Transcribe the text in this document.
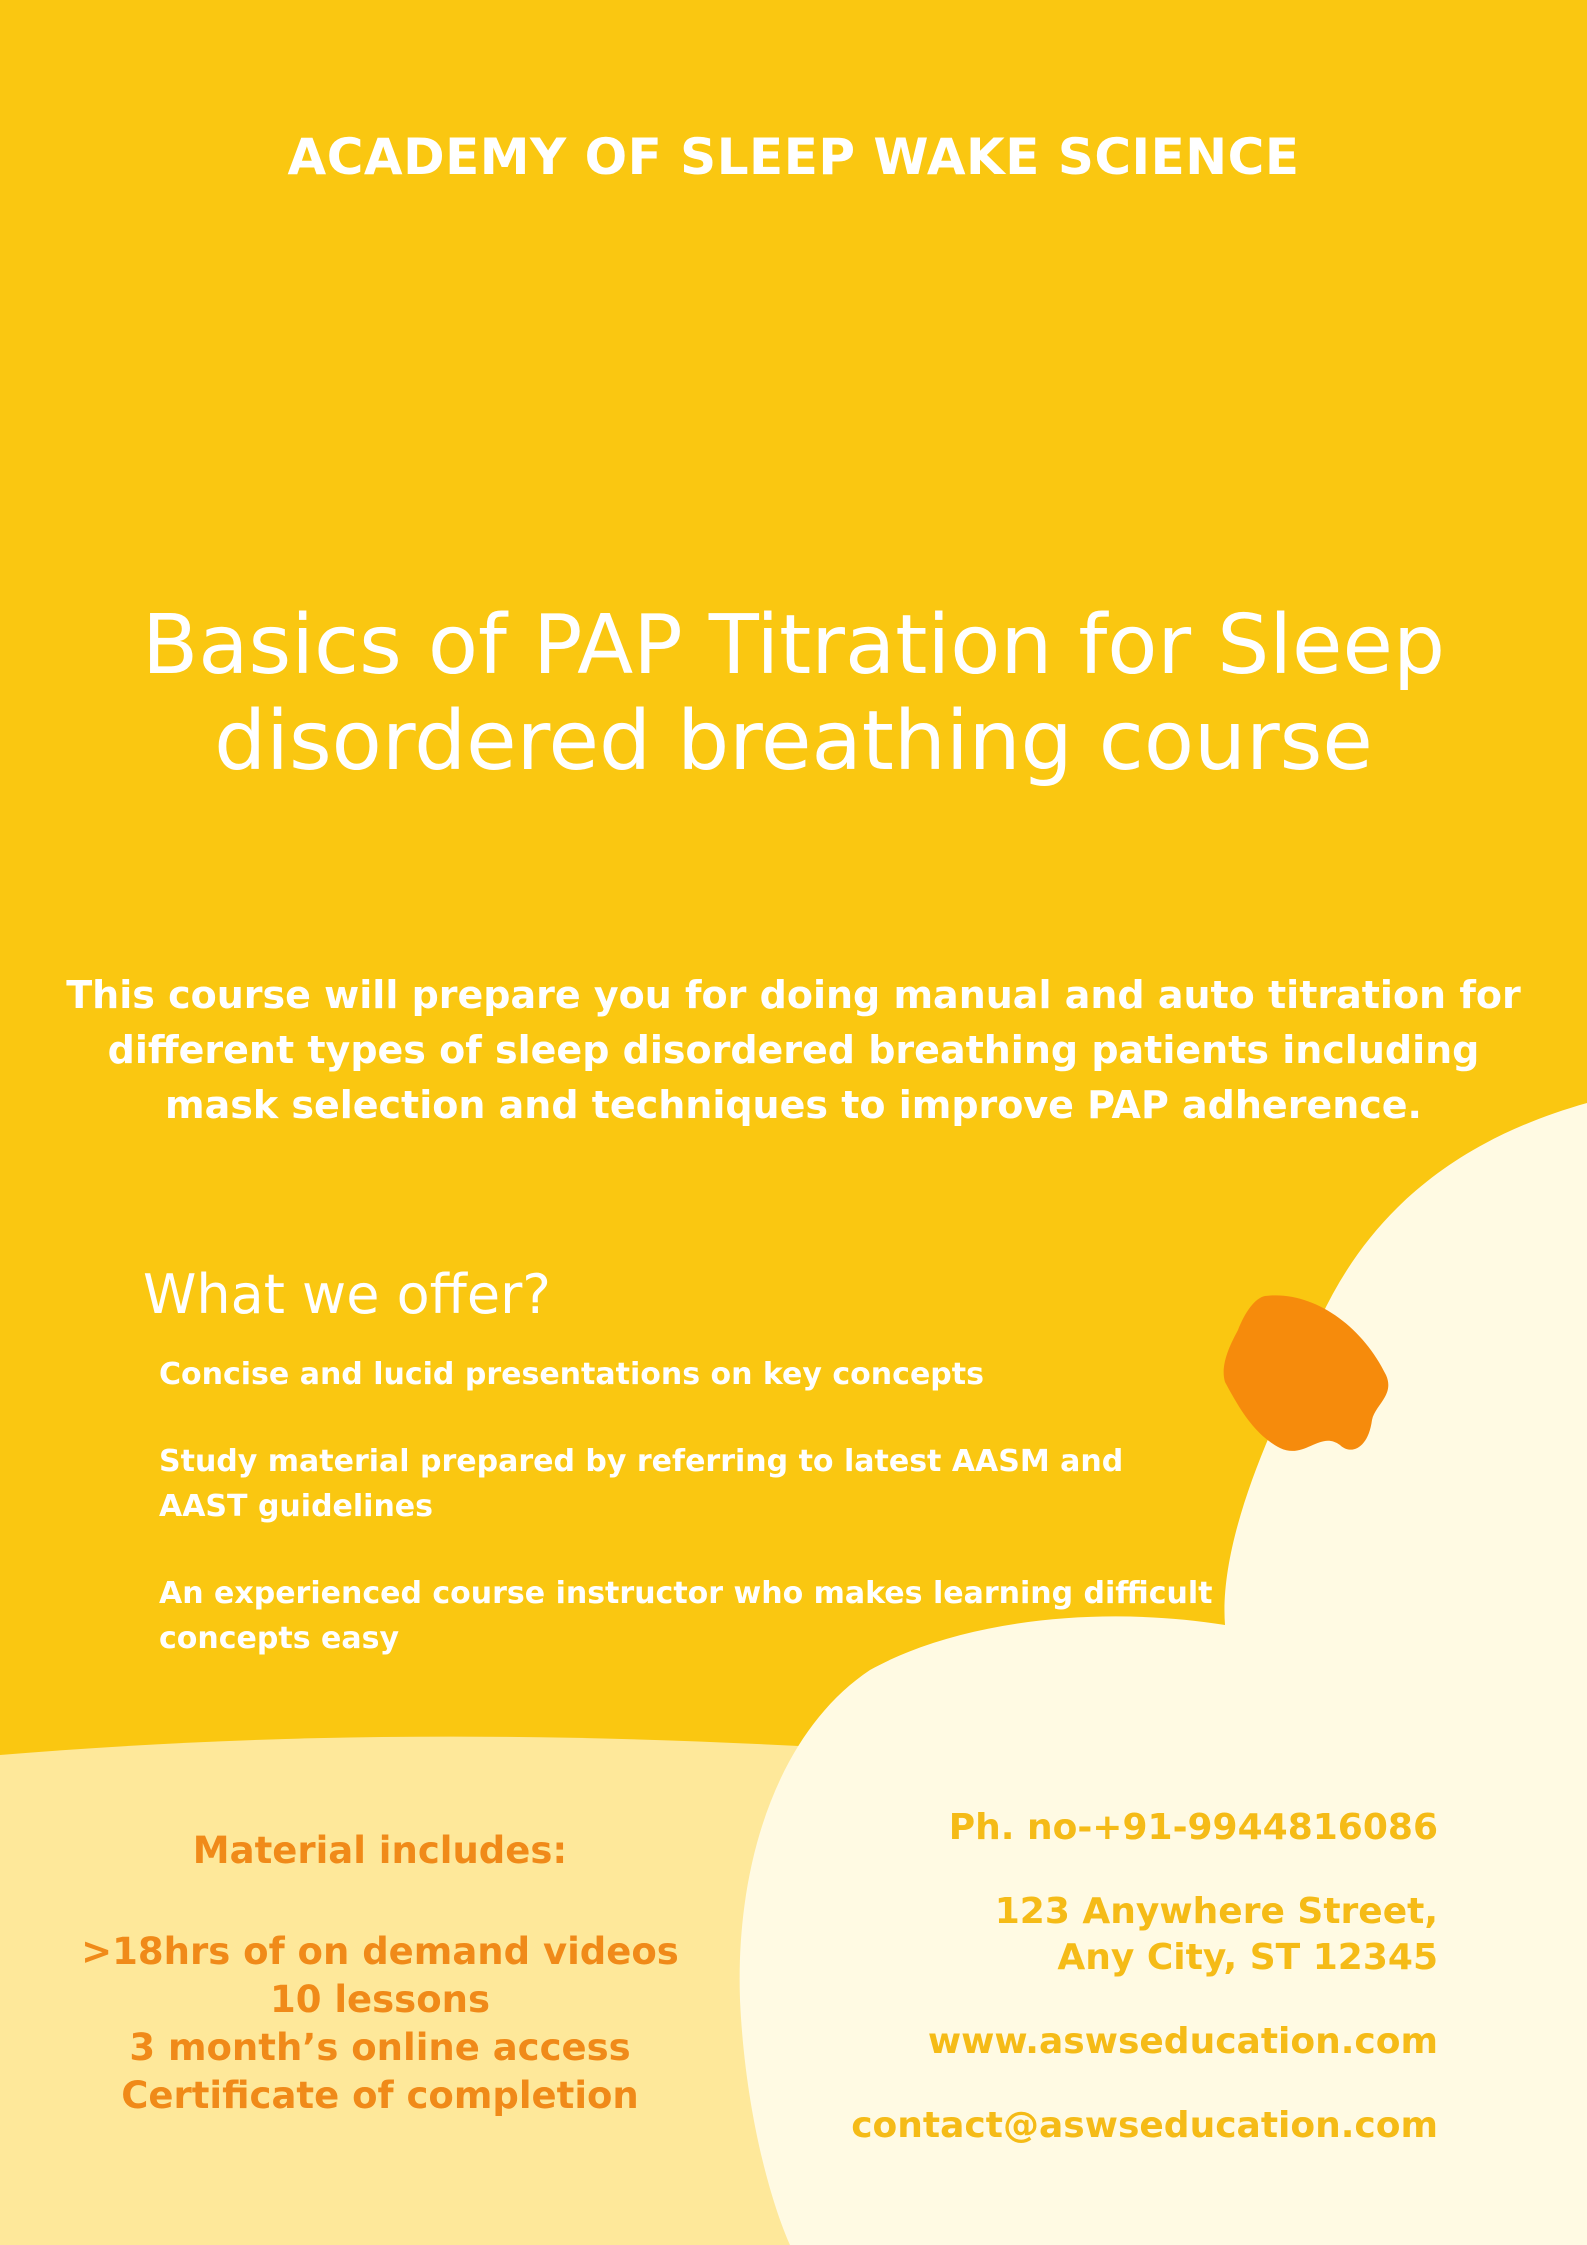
ACADEMY OF SLEEP WAKE SCIENCE
Basics of PAP Titration for Sleep disordered breathing course

This course will prepare you for doing manual and auto titration for different types of sleep disordered breathing patients including mask selection and techniques to improve PAP adherence.

What we offer?
Concise and lucid presentations on key concepts
Study material prepared by referring to latest AASM and AAST guidelines
An experienced course instructor who makes learning difficult concepts easy
Material includes:
>18hrs of on demand videos
10 lessons
3 month’s online access
Certificate of completion
Ph. no-+91-9944816086
123 Anywhere Street,
Any City, ST 12345
www.aswseducation.com
contact@aswseducation.com
